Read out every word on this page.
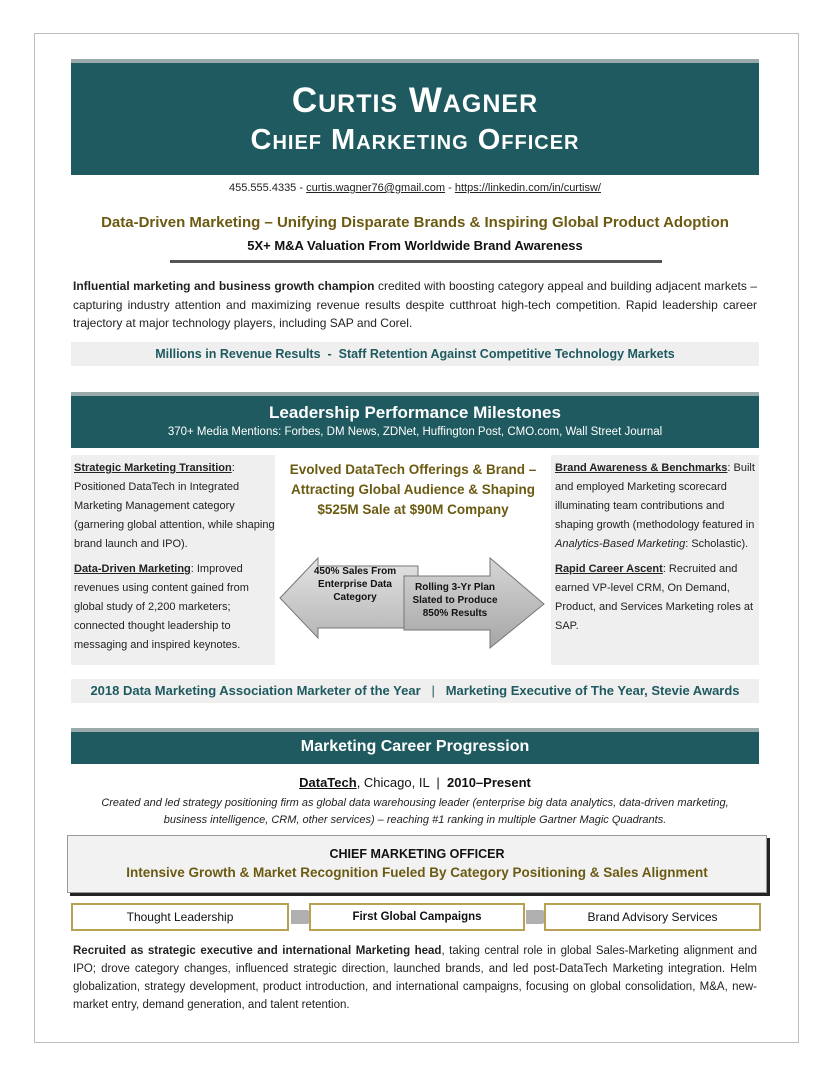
Curtis Wagner
Chief Marketing Officer
455.555.4335 - curtis.wagner76@gmail.com - https://linkedin.com/in/curtisw/
Data-Driven Marketing – Unifying Disparate Brands & Inspiring Global Product Adoption
5X+ M&A Valuation From Worldwide Brand Awareness
Influential marketing and business growth champion credited with boosting category appeal and building adjacent markets – capturing industry attention and maximizing revenue results despite cutthroat high-tech competition. Rapid leadership career trajectory at major technology players, including SAP and Corel.
Millions in Revenue Results  -  Staff Retention Against Competitive Technology Markets
Leadership Performance Milestones
370+ Media Mentions: Forbes, DM News, ZDNet, Huffington Post, CMO.com, Wall Street Journal

Strategic Marketing Transition: Positioned DataTech in Integrated Marketing Management category (garnering global attention, while shaping brand launch and IPO).

Data-Driven Marketing: Improved revenues using content gained from global study of 2,200 marketers; connected thought leadership to messaging and inspired keynotes.

Evolved DataTech Offerings & Brand – Attracting Global Audience & Shaping $525M Sale at $90M Company
450% Sales From Enterprise Data Category
Rolling 3-Yr Plan Slated to Produce 850% Results

Brand Awareness & Benchmarks: Built and employed Marketing scorecard illuminating team contributions and shaping growth (methodology featured in Analytics-Based Marketing: Scholastic).

Rapid Career Ascent: Recruited and earned VP-level CRM, On Demand, Product, and Services Marketing roles at SAP.

2018 Data Marketing Association Marketer of the Year | Marketing Executive of The Year, Stevie Awards
Marketing Career Progression
DataTech, Chicago, IL  |  2010–Present
Created and led strategy positioning firm as global data warehousing leader (enterprise big data analytics, data-driven marketing, business intelligence, CRM, other services) – reaching #1 ranking in multiple Gartner Magic Quadrants.
CHIEF MARKETING OFFICER
Intensive Growth & Market Recognition Fueled By Category Positioning & Sales Alignment
Thought Leadership	First Global Campaigns	Brand Advisory Services
Recruited as strategic executive and international Marketing head, taking central role in global Sales-Marketing alignment and IPO; drove category changes, influenced strategic direction, launched brands, and led post-DataTech Marketing integration. Helm globalization, strategy development, product introduction, and international campaigns, focusing on global consolidation, M&A, new-market entry, demand generation, and talent retention.
